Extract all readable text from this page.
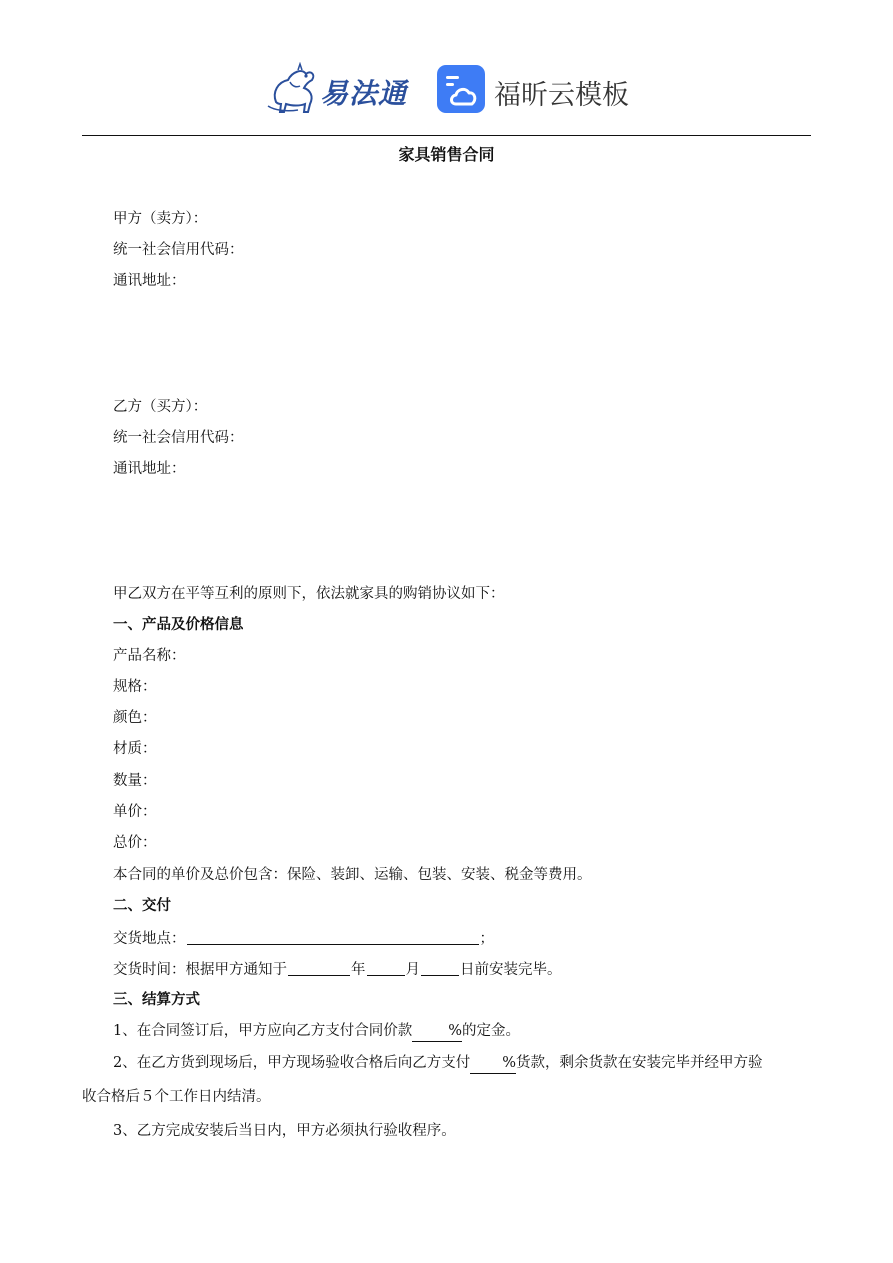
易法通	福昕云模板
家具销售合同
甲方（卖方）：
统一社会信用代码：
通讯地址：
乙方（买方）：
统一社会信用代码：
通讯地址：
甲乙双方在平等互利的原则下，依法就家具的购销协议如下：
一、产品及价格信息
产品名称：
规格：
颜色：
材质：
数量：
单价：
总价：
本合同的单价及总价包含：保险、装卸、运输、包装、安装、税金等费用。
二、交付
交货地点：	；
交货时间：根据甲方通知于	年	月	日前安装完毕。
三、结算方式
1、在合同签订后，甲方应向乙方支付合同价款 %的定金。
2、在乙方货到现场后，甲方现场验收合格后向乙方支付 %货款，剩余货款在安装完毕并经甲方验
收合格后５个工作日内结清。
3、乙方完成安装后当日内，甲方必须执行验收程序。
